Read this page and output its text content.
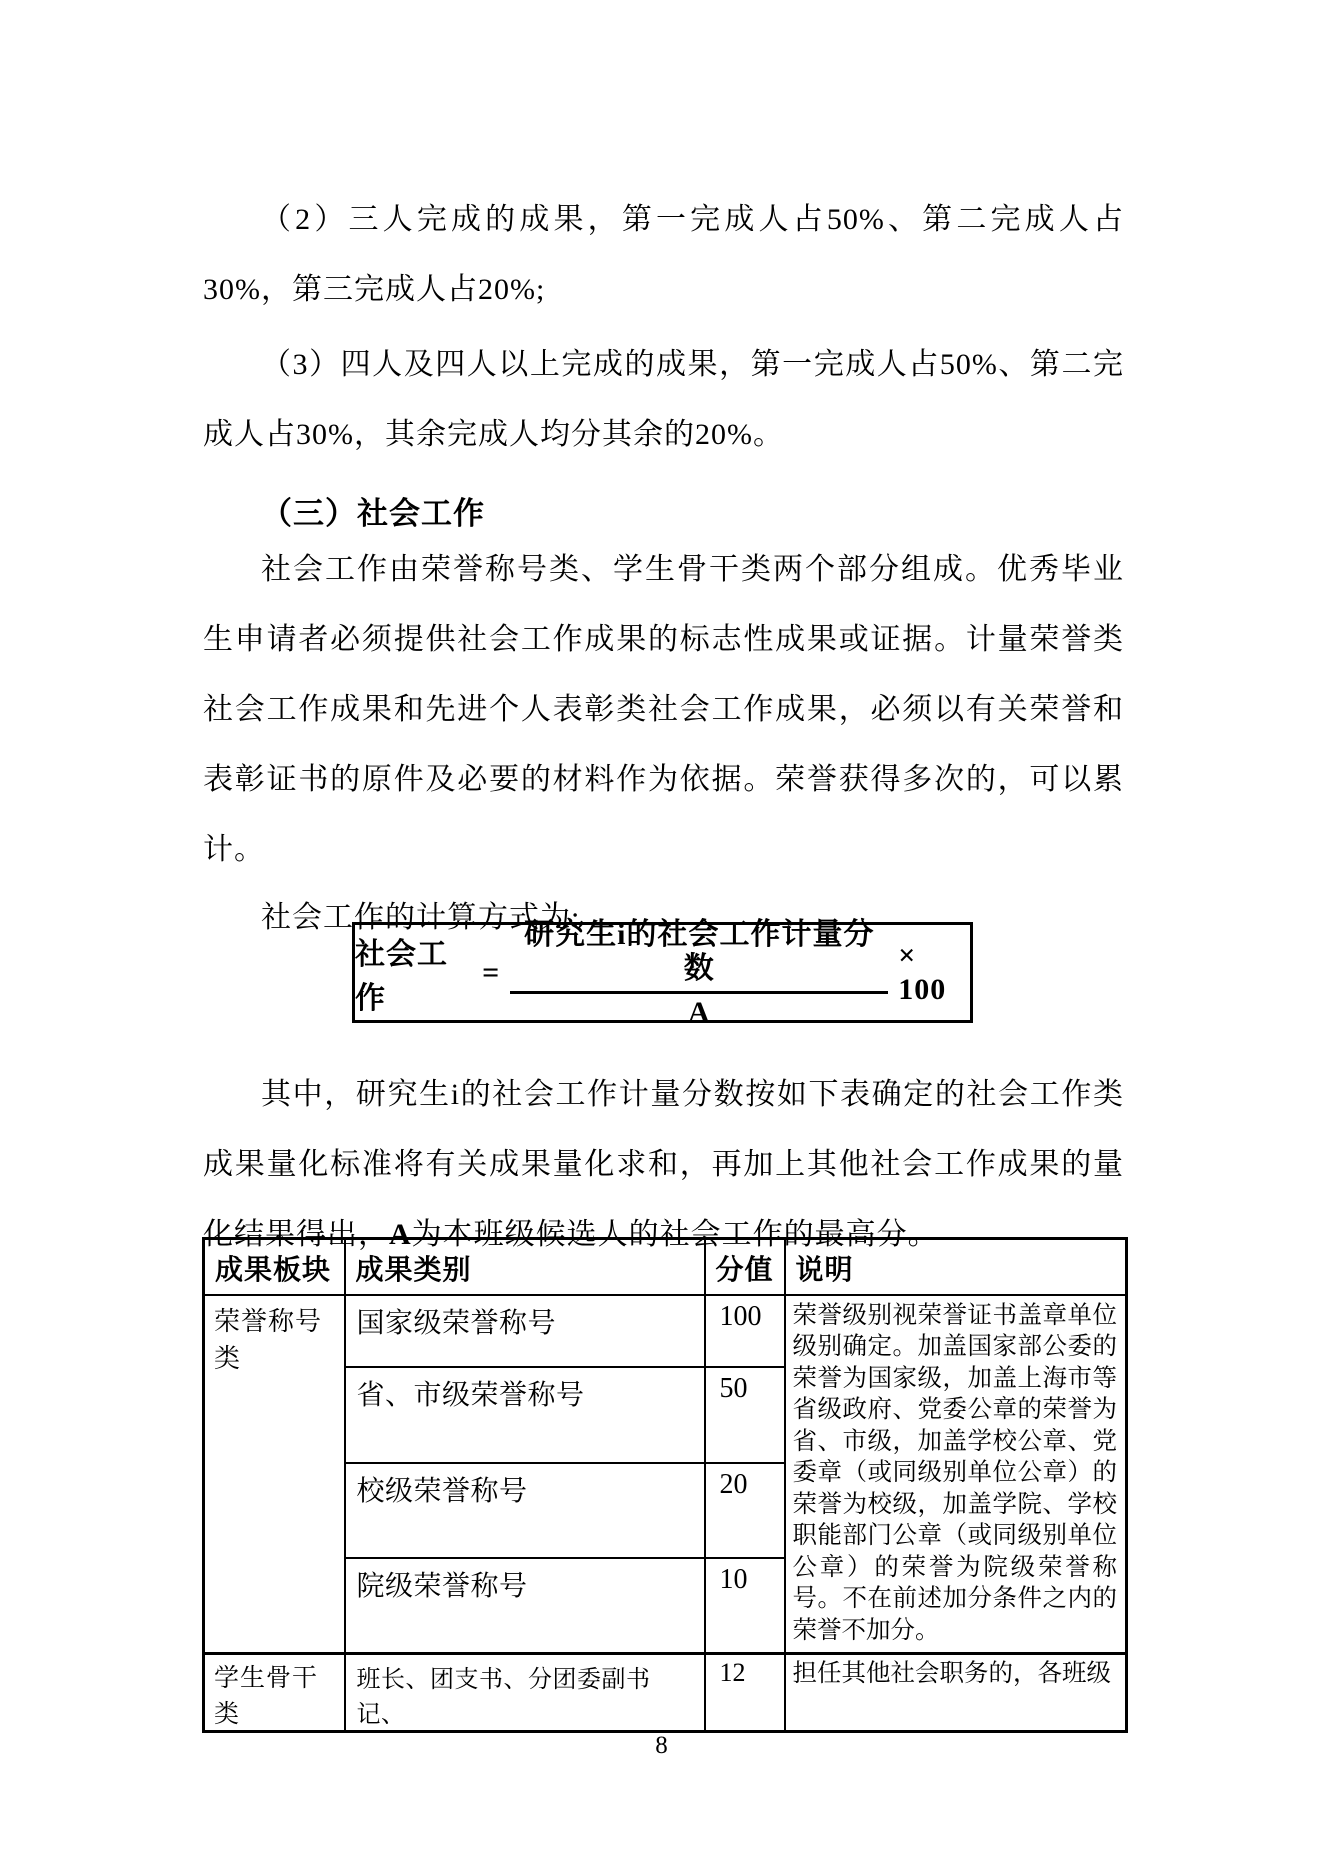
（2）三人完成的成果，第一完成人占50%、第二完成人占30%，第三完成人占20%;

（3）四人及四人以上完成的成果，第一完成人占50%、第二完成人占30%，其余完成人均分其余的20%。

（三）社会工作

社会工作由荣誉称号类、学生骨干类两个部分组成。优秀毕业生申请者必须提供社会工作成果的标志性成果或证据。计量荣誉类社会工作成果和先进个人表彰类社会工作成果，必须以有关荣誉和表彰证书的原件及必要的材料作为依据。荣誉获得多次的，可以累计。

社会工作的计算方式为:

社会工作
= $\frac{\text{研究生i的社会工作计量分数}}{A} \times 100$

其中，研究生i的社会工作计量分数按如下表确定的社会工作类成果量化标准将有关成果量化求和，再加上其他社会工作成果的量化结果得出，A为本班级候选人的社会工作的最高分。

成果板块	成果类别	分值	说明
荣誉称号类	国家级荣誉称号	100	荣誉级别视荣誉证书盖章单位级别确定。加盖国家部公委的荣誉为国家级，加盖上海市等省级政府、党委公章的荣誉为省、市级，加盖学校公章、党委章（或同级别单位公章）的荣誉为校级，加盖学院、学校职能部门公章（或同级别单位公章）的荣誉为院级荣誉称号。不在前述加分条件之内的荣誉不加分。
	省、市级荣誉称号	50	
	校级荣誉称号	20	
	院级荣誉称号	10	
学生骨干类	班长、团支书、分团委副书记、	12	担任其他社会职务的，各班级
8
